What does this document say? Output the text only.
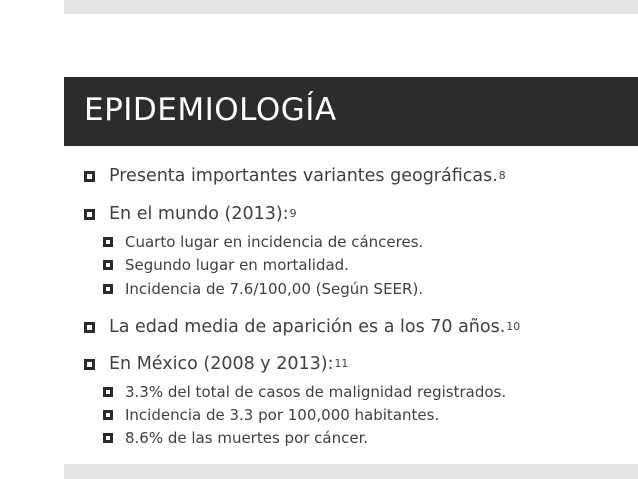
EPIDEMIOLOGÍA
Presenta importantes variantes geográficas. 8
En el mundo (2013): 9
Cuarto lugar en incidencia de cánceres.
Segundo lugar en mortalidad.
Incidencia de 7.6/100,00 (Según SEER).
La edad media de aparición es a los 70 años. 10
En México (2008 y 2013): 11
3.3% del total de casos de malignidad registrados.
Incidencia de 3.3 por 100,000 habitantes.
8.6% de las muertes por cáncer.
